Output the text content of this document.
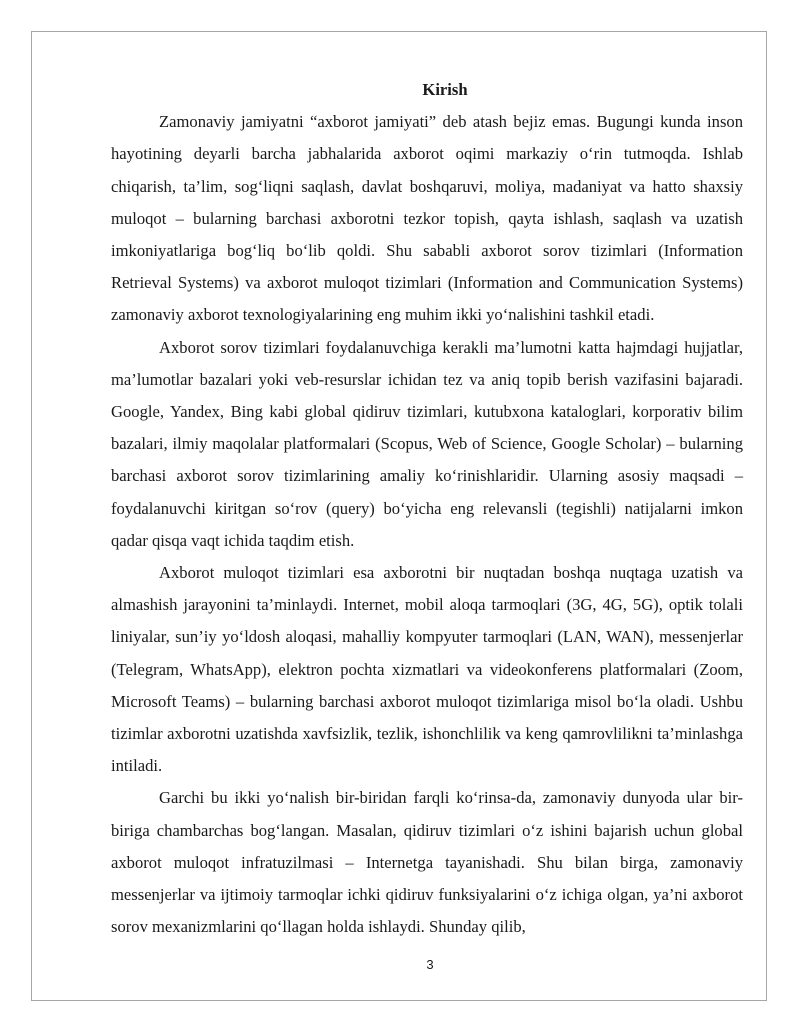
Kirish

Zamonaviy jamiyatni “axborot jamiyati” deb atash bejiz emas. Bugungi kunda inson hayotining deyarli barcha jabhalarida axborot oqimi markaziy o‘rin tutmoqda. Ishlab chiqarish, ta’lim, sog‘liqni saqlash, davlat boshqaruvi, moliya, madaniyat va hatto shaxsiy muloqot – bularning barchasi axborotni tezkor topish, qayta ishlash, saqlash va uzatish imkoniyatlariga bog‘liq bo‘lib qoldi. Shu sababli axborot sorov tizimlari (Information Retrieval Systems) va axborot muloqot tizimlari (Information and Communication Systems) zamonaviy axborot texnologiyalarining eng muhim ikki yo‘nalishini tashkil etadi.

Axborot sorov tizimlari foydalanuvchiga kerakli ma’lumotni katta hajmdagi hujjatlar, ma’lumotlar bazalari yoki veb-resurslar ichidan tez va aniq topib berish vazifasini bajaradi. Google, Yandex, Bing kabi global qidiruv tizimlari, kutubxona kataloglari, korporativ bilim bazalari, ilmiy maqolalar platformalari (Scopus, Web of Science, Google Scholar) – bularning barchasi axborot sorov tizimlarining amaliy ko‘rinishlaridir. Ularning asosiy maqsadi – foydalanuvchi kiritgan so‘rov (query) bo‘yicha eng relevansli (tegishli) natijalarni imkon qadar qisqa vaqt ichida taqdim etish.

Axborot muloqot tizimlari esa axborotni bir nuqtadan boshqa nuqtaga uzatish va almashish jarayonini ta’minlaydi. Internet, mobil aloqa tarmoqlari (3G, 4G, 5G), optik tolali liniyalar, sun’iy yo‘ldosh aloqasi, mahalliy kompyuter tarmoqlari (LAN, WAN), messenjerlar (Telegram, WhatsApp), elektron pochta xizmatlari va videokonferens platformalari (Zoom, Microsoft Teams) – bularning barchasi axborot muloqot tizimlariga misol bo‘la oladi. Ushbu tizimlar axborotni uzatishda xavfsizlik, tezlik, ishonchlilik va keng qamrovlilikni ta’minlashga intiladi.

Garchi bu ikki yo‘nalish bir-biridan farqli ko‘rinsa-da, zamonaviy dunyoda ular bir-biriga chambarchas bog‘langan. Masalan, qidiruv tizimlari o‘z ishini bajarish uchun global axborot muloqot infratuzilmasi – Internetga tayanishadi. Shu bilan birga, zamonaviy messenjerlar va ijtimoiy tarmoqlar ichki qidiruv funksiyalarini o‘z ichiga olgan, ya’ni axborot sorov mexanizmlarini qo‘llagan holda ishlaydi. Shunday qilib,

3
